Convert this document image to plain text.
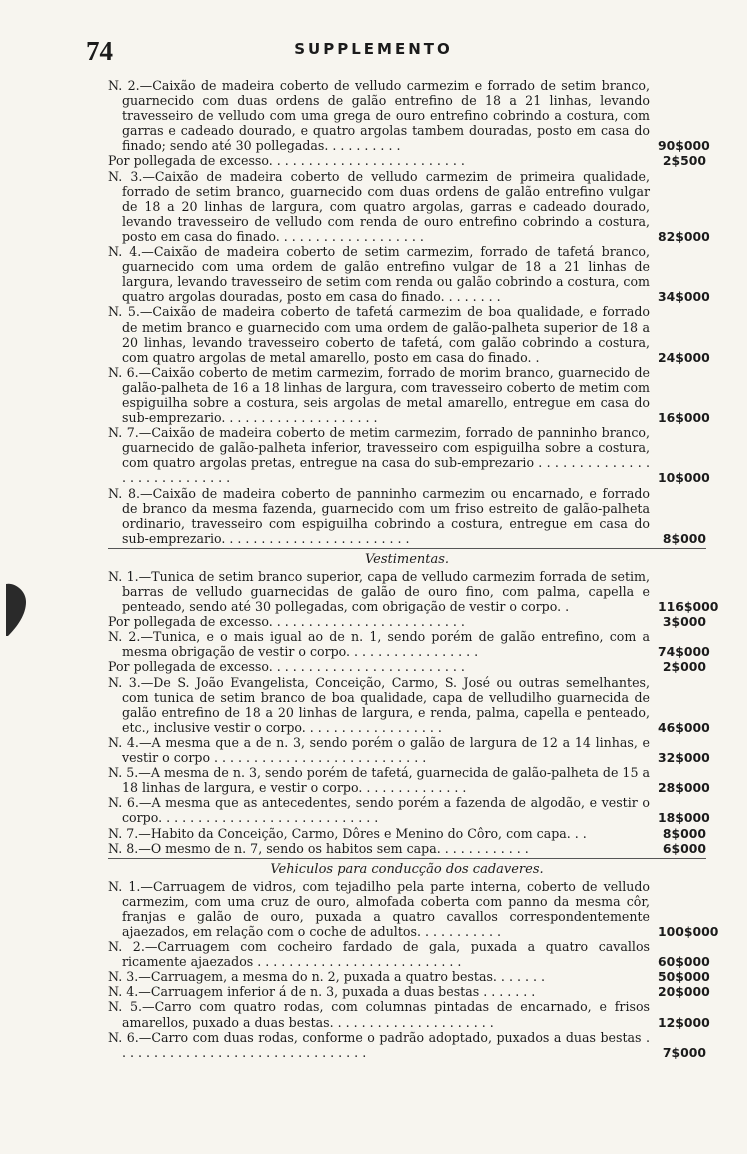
74	SUPPLEMENTO
N. 2.—Caixão de madeira coberto de velludo carmezim e forrado de setim branco, guarnecido com duas ordens de galão entrefino de 18 a 21 linhas, levando travesseiro de velludo com uma grega de ouro entrefino cobrindo a costura, com garras e cadeado dourado, e quatro argolas tambem douradas, posto em casa do finado; sendo até 30 pollegadas. . . . . . . . . .	90$000
Por pollegada de excesso. . . . . . . . . . . . . . . . . . . . . . . . .	2$500
N. 3.—Caixão de madeira coberto de velludo carmezim de primeira qualidade, forrado de setim branco, guarnecido com duas ordens de galão entrefino vulgar de 18 a 20 linhas de largura, com quatro argolas, garras e cadeado dourado, levando travesseiro de velludo com renda de ouro entrefino cobrindo a costura, posto em casa do finado. . . . . . . . . . . . . . . . . . .	82$000
N. 4.—Caixão de madeira coberto de setim carmezim, forrado de tafetá branco, guarnecido com uma ordem de galão entrefino vulgar de 18 a 21 linhas de largura, levando travesseiro de setim com renda ou galão cobrindo a costura, com quatro argolas douradas, posto em casa do finado. . . . . . . .	34$000
N. 5.—Caixão de madeira coberto de tafetá carmezim de boa qualidade, e forrado de metim branco e guarnecido com uma ordem de galão-palheta superior de 18 a 20 linhas, levando travesseiro coberto de tafetá, com galão cobrindo a costura, com quatro argolas de metal amarello, posto em casa do finado. .	24$000
N. 6.—Caixão coberto de metim carmezim, forrado de morim branco, guarnecido de galão-palheta de 16 a 18 linhas de largura, com travesseiro coberto de metim com espiguilha sobre a costura, seis argolas de metal amarello, entregue em casa do sub-emprezario. . . . . . . . . . . . . . . . . . . .	16$000
N. 7.—Caixão de madeira coberto de metim carmezim, forrado de panninho branco, guarnecido de galão-palheta inferior, travesseiro com espiguilha sobre a costura, com quatro argolas pretas, entregue na casa do sub-emprezario . . . . . . . . . . . . . . . . . . . . . . . . . . . .	10$000
N. 8.—Caixão de madeira coberto de panninho carmezim ou encarnado, e forrado de branco da mesma fazenda, guarnecido com um friso estreito de galão-palheta ordinario, travesseiro com espiguilha cobrindo a costura, entregue em casa do sub-emprezario. . . . . . . . . . . . . . . . . . . . . . . .	8$000
Vestimentas.
N. 1.—Tunica de setim branco superior, capa de velludo carmezim forrada de setim, barras de velludo guarnecidas de galão de ouro fino, com palma, capella e penteado, sendo até 30 pollegadas, com obrigação de vestir o corpo. .	116$000
Por pollegada de excesso. . . . . . . . . . . . . . . . . . . . . . . . .	3$000
N. 2.—Tunica, e o mais igual ao de n. 1, sendo porém de galão entrefino, com a mesma obrigação de vestir o corpo. . . . . . . . . . . . . . . . .	74$000
Por pollegada de excesso. . . . . . . . . . . . . . . . . . . . . . . . .	2$000
N. 3.—De S. João Evangelista, Conceição, Carmo, S. José ou outras semelhantes, com tunica de setim branco de boa qualidade, capa de velludilho guarnecida de galão entrefino de 18 a 20 linhas de largura, e renda, palma, capella e penteado, etc., inclusive vestir o corpo. . . . . . . . . . . . . . . . . .	46$000
N. 4.—A mesma que a de n. 3, sendo porém o galão de largura de 12 a 14 linhas, e vestir o corpo . . . . . . . . . . . . . . . . . . . . . . . . . . .	32$000
N. 5.—A mesma de n. 3, sendo porém de tafetá, guarnecida de galão-palheta de 15 a 18 linhas de largura, e vestir o corpo. . . . . . . . . . . . . .	28$000
N. 6.—A mesma que as antecedentes, sendo porém a fazenda de algodão, e vestir o corpo. . . . . . . . . . . . . . . . . . . . . . . . . . . .	18$000
N. 7.—Habito da Conceição, Carmo, Dôres e Menino do Côro, com capa. . .	8$000
N. 8.—O mesmo de n. 7, sendo os habitos sem capa. . . . . . . . . . . .	6$000
Vehiculos para conducção dos cadaveres.
N. 1.—Carruagem de vidros, com tejadilho pela parte interna, coberto de velludo carmezim, com uma cruz de ouro, almofada coberta com panno da mesma côr, franjas e galão de ouro, puxada a quatro cavallos correspondentemente ajaezados, em relação com o coche de adultos. . . . . . . . . . .	100$000
N. 2.—Carruagem com cocheiro fardado de gala, puxada a quatro cavallos ricamente ajaezados . . . . . . . . . . . . . . . . . . . . . . . . . .	60$000
N. 3.—Carruagem, a mesma do n. 2, puxada a quatro bestas. . . . . . .	50$000
N. 4.—Carruagem inferior á de n. 3, puxada a duas bestas . . . . . . .	20$000
N. 5.—Carro com quatro rodas, com columnas pintadas de encarnado, e frisos amarellos, puxado a duas bestas. . . . . . . . . . . . . . . . . . . . .	12$000
N. 6.—Carro com duas rodas, conforme o padrão adoptado, puxados a duas bestas . . . . . . . . . . . . . . . . . . . . . . . . . . . . . . . .	7$000
